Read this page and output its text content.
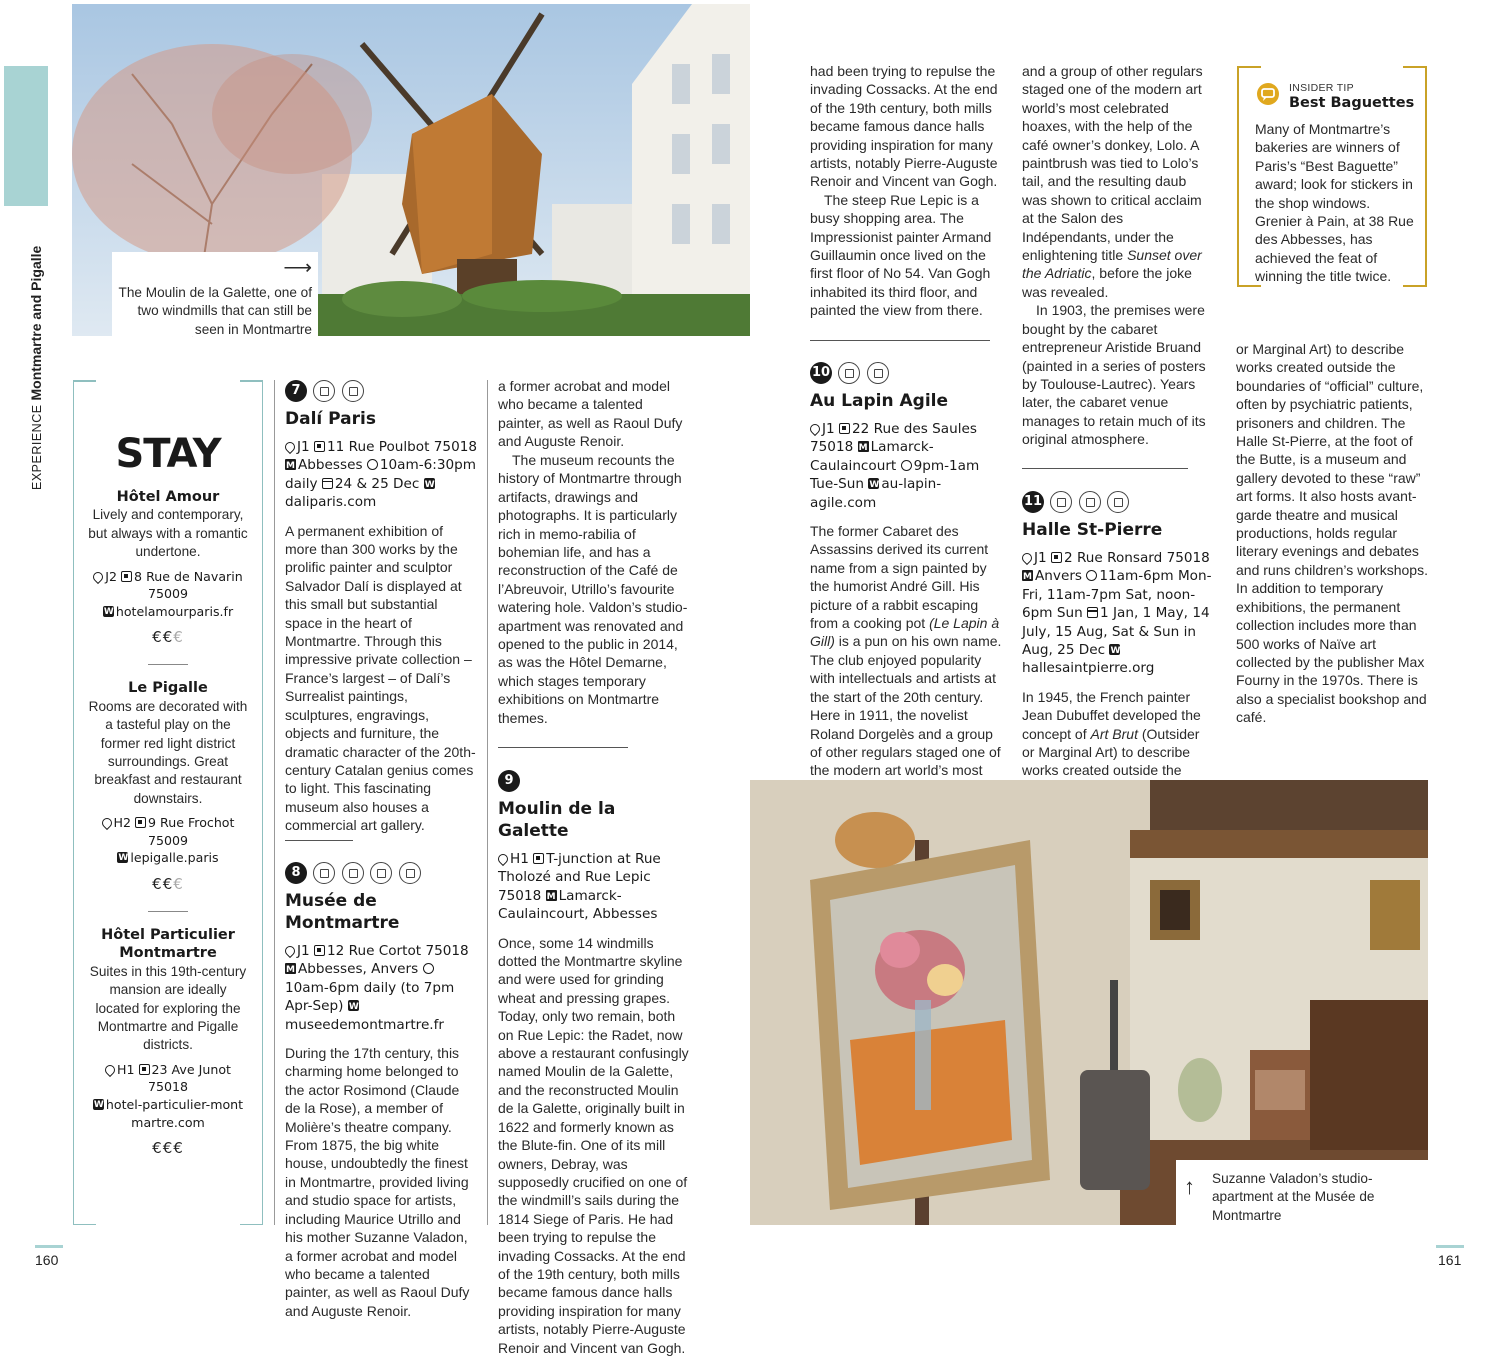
EXPERIENCE Montmartre and Pigalle	⟶
The Moulin de la Galette, one of two windmills that can still be seen in Montmartre
STAY
Hôtel Amour
Lively and contemporary, but always with a romantic undertone.
J2 8 Rue de Navarin 75009
Whotelamourparis.fr
€€€
Le Pigalle
Rooms are decorated with a tasteful play on the former red light district surroundings. Great breakfast and restaurant downstairs.
H2 9 Rue Frochot 75009
Wlepigalle.paris
€€€
Hôtel Particulier Montmartre
Suites in this 19th-century mansion are ideally located for exploring the Montmartre and Pigalle districts.
H1 23 Ave Junot 75018
Whotel-particulier-montmartre.com
€€€
7
Dalí Paris
J1 11 Rue Poulbot 75018 MAbbesses 10am-6:30pm daily 24 & 25 Dec Wdaliparis.com
A permanent exhibition of more than 300 works by the prolific painter and sculptor Salvador Dalí is displayed at this small but substantial space in the heart of Montmartre. Through this impressive private collection – France’s largest – of Dalí’s Surrealist paintings, sculptures, engravings, objects and furniture, the dramatic character of the 20th-century Catalan genius comes to light. This fascinating museum also houses a commercial art gallery.
8
Musée de Montmartre
J1 12 Rue Cortot 75018 MAbbesses, Anvers 10am-6pm daily (to 7pm Apr-Sep) Wmuseedemontmartre.fr
During the 17th century, this charming home belonged to the actor Rosimond (Claude de la Rose), a member of Molière’s theatre company. From 1875, the big white house, undoubtedly the finest in Montmartre, provided living and studio space for artists, including Maurice Utrillo and his mother Suzanne Valadon, a former acrobat and model who became a talented painter, as well as Raoul Dufy and Auguste Renoir.

a former acrobat and model who became a talented painter, as well as Raoul Dufy and Auguste Renoir.

The museum recounts the history of Montmartre through artifacts, drawings and photographs. It is particularly rich in memo-rabilia of bohemian life, and has a reconstruction of the Café de l’Abreuvoir, Utrillo’s favourite watering hole. Valdon’s studio-apartment was renovated and opened to the public in 2014, as was the Hôtel Demarne, which stages temporary exhibitions on Montmartre themes.

9
Moulin de la Galette
H1 T-junction at Rue Tholozé and Rue Lepic 75018 M Lamarck-Caulaincourt, Abbesses
Once, some 14 windmills dotted the Montmartre skyline and were used for grinding wheat and pressing grapes. Today, only two remain, both on Rue Lepic: the Radet, now above a restaurant confusingly named Moulin de la Galette, and the reconstructed Moulin de la Galette, originally built in 1622 and formerly known as the Blute-fin. One of its mill owners, Debray, was supposedly crucified on one of the windmill’s sails during the 1814 Siege of Paris. He had been trying to repulse the invading Cossacks. At the end of the 19th century, both mills became famous dance halls providing inspiration for many artists, notably Pierre-Auguste Renoir and Vincent van Gogh.

had been trying to repulse the invading Cossacks. At the end of the 19th century, both mills became famous dance halls providing inspiration for many artists, notably Pierre-Auguste Renoir and Vincent van Gogh.

The steep Rue Lepic is a busy shopping area. The Impressionist painter Armand Guillaumin once lived on the first floor of No 54. Van Gogh inhabited its third floor, and painted the view from there.

10
Au Lapin Agile
J1 22 Rue des Saules 75018 M Lamarck-Caulaincourt 9pm-1am Tue-Sun W au-lapin-agile.com
The former Cabaret des Assassins derived its current name from a sign painted by the humorist André Gill. His picture of a rabbit escaping from a cooking pot (Le Lapin à Gill) is a pun on his own name. The club enjoyed popularity with intellectuals and artists at the start of the 20th century. Here in 1911, the novelist Roland Dorgelès and a group of other regulars staged one of the modern art world’s most

and a group of other regulars staged one of the modern art world’s most celebrated hoaxes, with the help of the café owner’s donkey, Lolo. A paintbrush was tied to Lolo’s tail, and the resulting daub was shown to critical acclaim at the Salon des Indépendants, under the enlightening title Sunset over the Adriatic, before the joke was revealed.

In 1903, the premises were bought by the cabaret entrepreneur Aristide Bruand (painted in a series of posters by Toulouse-Lautrec). Years later, the cabaret venue manages to retain much of its original atmosphere.

11
Halle St-Pierre
J1 2 Rue Ronsard 75018 MAnvers 11am-6pm Mon-Fri, 11am-7pm Sat, noon-6pm Sun 1 Jan, 1 May, 14 July, 15 Aug, Sat & Sun in Aug, 25 Dec Whallesaintpierre.org
In 1945, the French painter Jean Dubuffet developed the concept of Art Brut (Outsider or Marginal Art) to describe works created outside the
INSIDER TIP
Best Baguettes
Many of Montmartre’s bakeries are winners of Paris’s “Best Baguette” award; look for stickers in the shop windows. Grenier à Pain, at 38 Rue des Abbesses, has achieved the feat of winning the title twice.

or Marginal Art) to describe works created outside the boundaries of “official” culture, often by psychiatric patients, prisoners and children. The Halle St-Pierre, at the foot of the Butte, is a museum and gallery devoted to these “raw” art forms. It also hosts avant-garde theatre and musical productions, holds regular literary evenings and debates and runs children’s workshops. In addition to temporary exhibitions, the permanent collection includes more than 500 works of Naïve art collected by the publisher Max Fourny in the 1970s. There is also a specialist bookshop and café.

↑ Suzanne Valadon’s studio-apartment at the Musée de Montmartre
160	161
